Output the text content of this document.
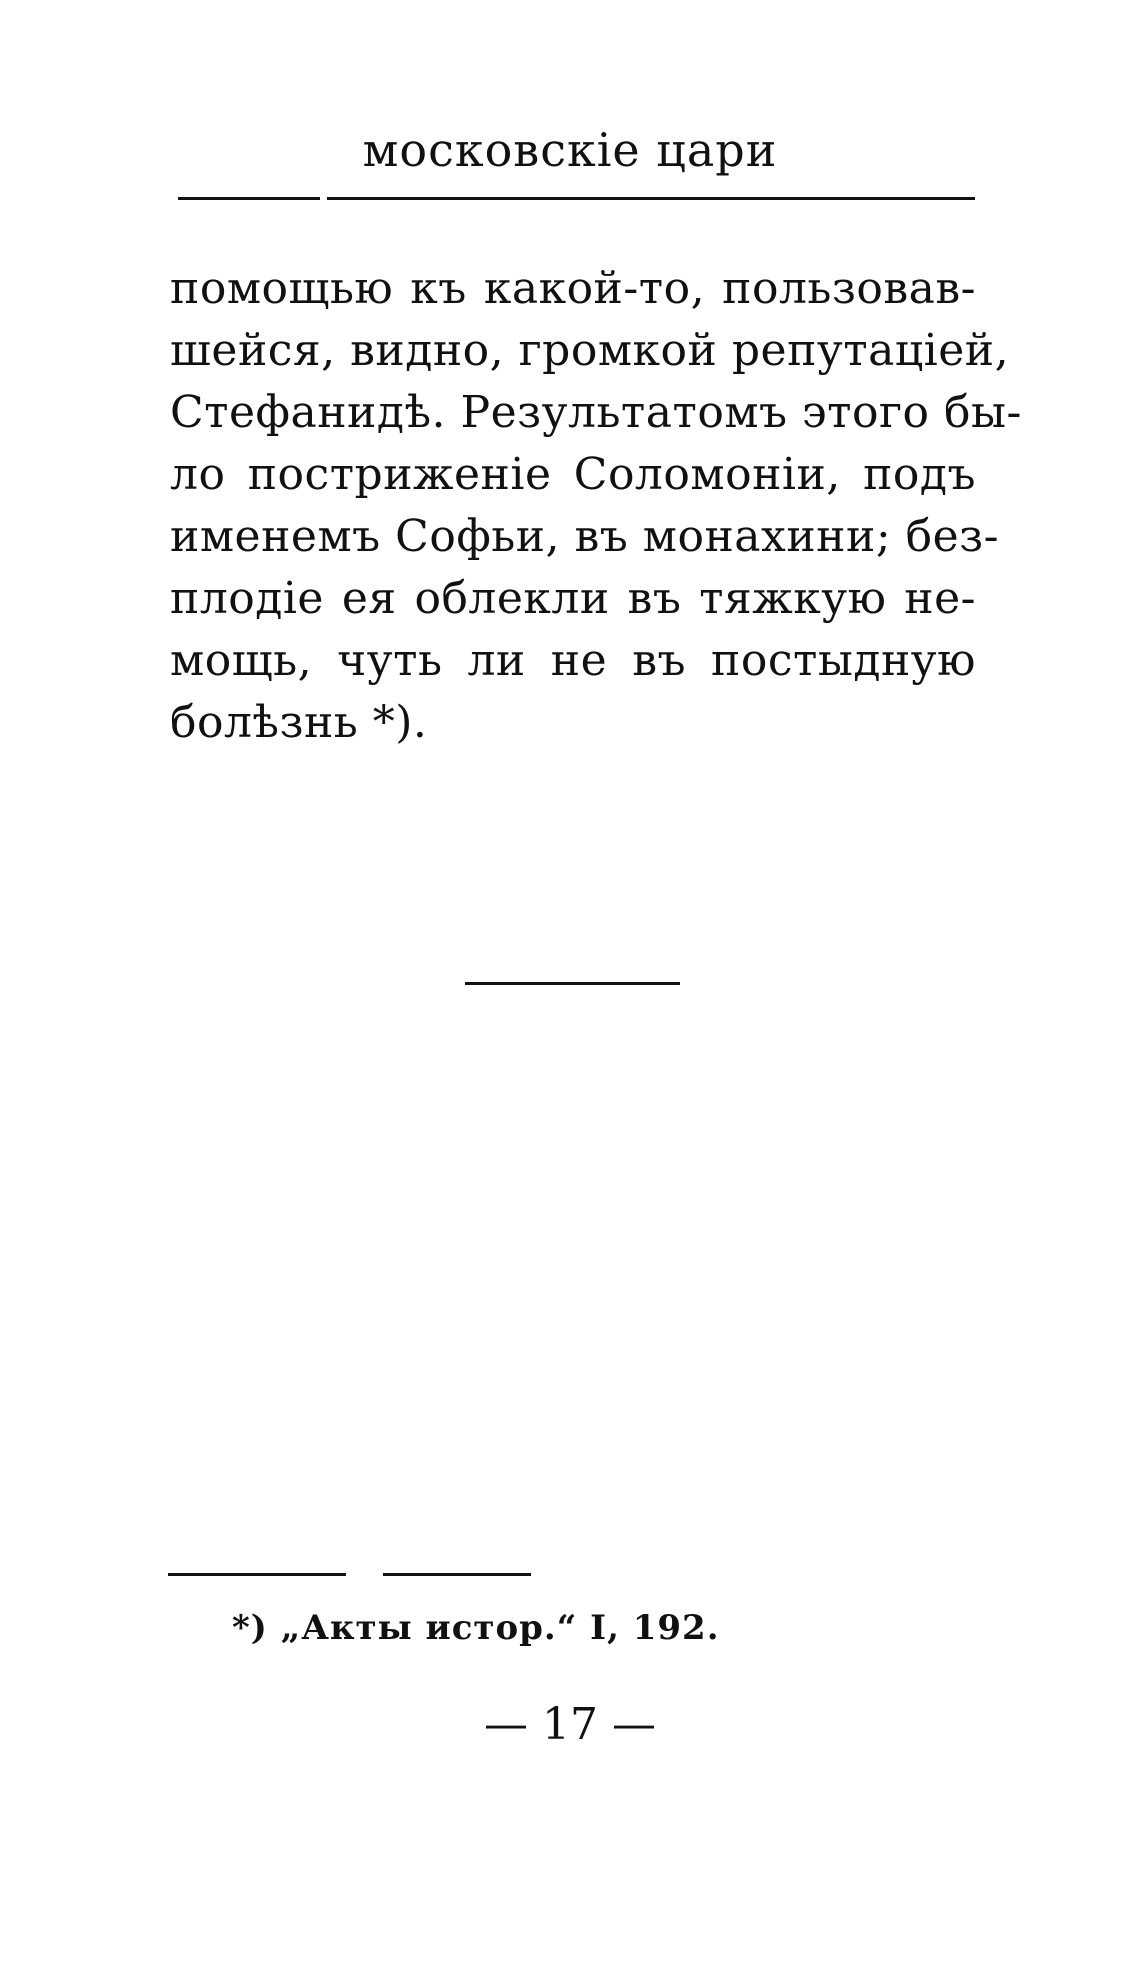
московскіе цари
помощью къ какой-то, пользовав-
шейся, видно, громкой репутаціей,
Стефанидѣ. Результатомъ этого бы-
ло постриженіе Соломоніи, подъ
именемъ Софьи, въ монахини; без-
плодіе ея облекли въ тяжкую не-
мощь, чуть ли не въ постыдную
болѣзнь *).
*) „Акты истор.“ I, 192.
— 17 —
